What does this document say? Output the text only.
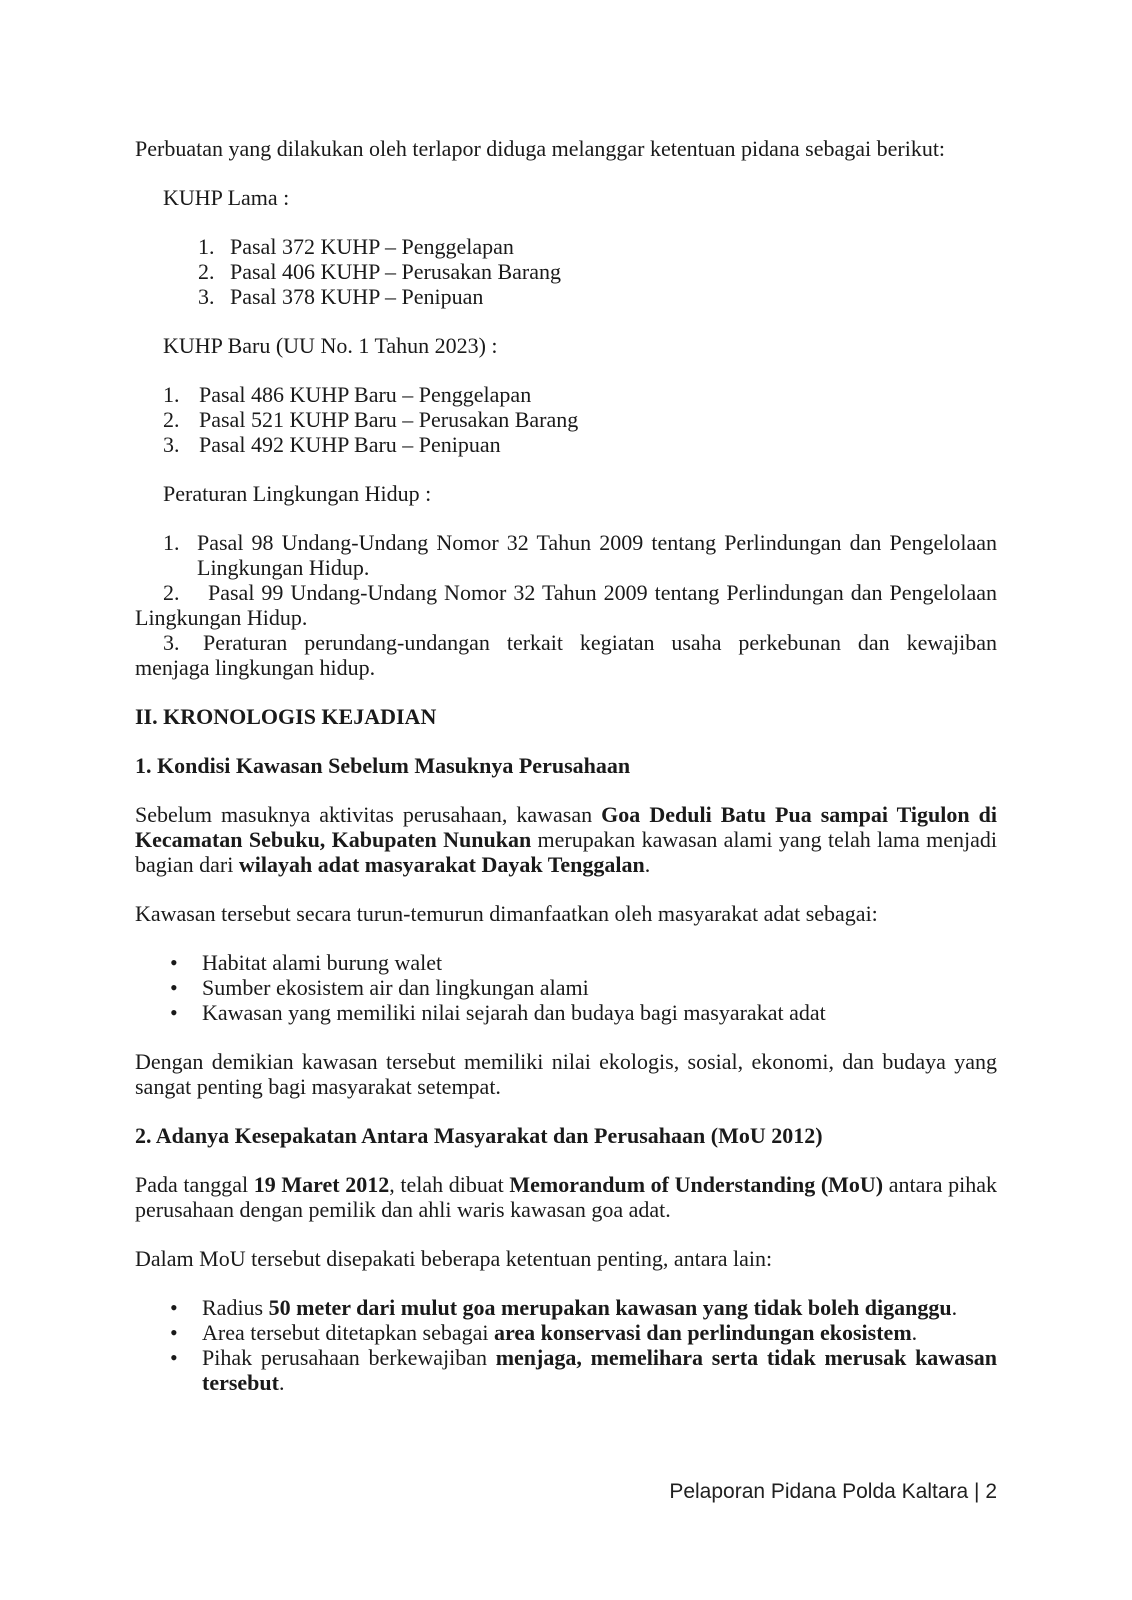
Perbuatan yang dilakukan oleh terlapor diduga melanggar ketentuan pidana sebagai berikut:
KUHP Lama :
1. Pasal 372 KUHP – Penggelapan
2. Pasal 406 KUHP – Perusakan Barang
3. Pasal 378 KUHP – Penipuan
KUHP Baru (UU No. 1 Tahun 2023) :
1. Pasal 486 KUHP Baru – Penggelapan
2. Pasal 521 KUHP Baru – Perusakan Barang
3. Pasal 492 KUHP Baru – Penipuan
Peraturan Lingkungan Hidup :
1. Pasal 98 Undang-Undang Nomor 32 Tahun 2009 tentang Perlindungan dan Pengelolaan Lingkungan Hidup.
2. Pasal 99 Undang-Undang Nomor 32 Tahun 2009 tentang Perlindungan dan Pengelolaan Lingkungan Hidup.
3. Peraturan perundang-undangan terkait kegiatan usaha perkebunan dan kewajiban menjaga lingkungan hidup.
II. KRONOLOGIS KEJADIAN
1. Kondisi Kawasan Sebelum Masuknya Perusahaan
Sebelum masuknya aktivitas perusahaan, kawasan Goa Deduli Batu Pua sampai Tigulon di Kecamatan Sebuku, Kabupaten Nunukan merupakan kawasan alami yang telah lama menjadi bagian dari wilayah adat masyarakat Dayak Tenggalan.
Kawasan tersebut secara turun-temurun dimanfaatkan oleh masyarakat adat sebagai:
• Habitat alami burung walet
• Sumber ekosistem air dan lingkungan alami
• Kawasan yang memiliki nilai sejarah dan budaya bagi masyarakat adat
Dengan demikian kawasan tersebut memiliki nilai ekologis, sosial, ekonomi, dan budaya yang sangat penting bagi masyarakat setempat.
2. Adanya Kesepakatan Antara Masyarakat dan Perusahaan (MoU 2012)
Pada tanggal 19 Maret 2012, telah dibuat Memorandum of Understanding (MoU) antara pihak perusahaan dengan pemilik dan ahli waris kawasan goa adat.
Dalam MoU tersebut disepakati beberapa ketentuan penting, antara lain:
• Radius 50 meter dari mulut goa merupakan kawasan yang tidak boleh diganggu.
• Area tersebut ditetapkan sebagai area konservasi dan perlindungan ekosistem.
• Pihak perusahaan berkewajiban menjaga, memelihara serta tidak merusak kawasan tersebut.
Pelaporan Pidana Polda Kaltara | 2
